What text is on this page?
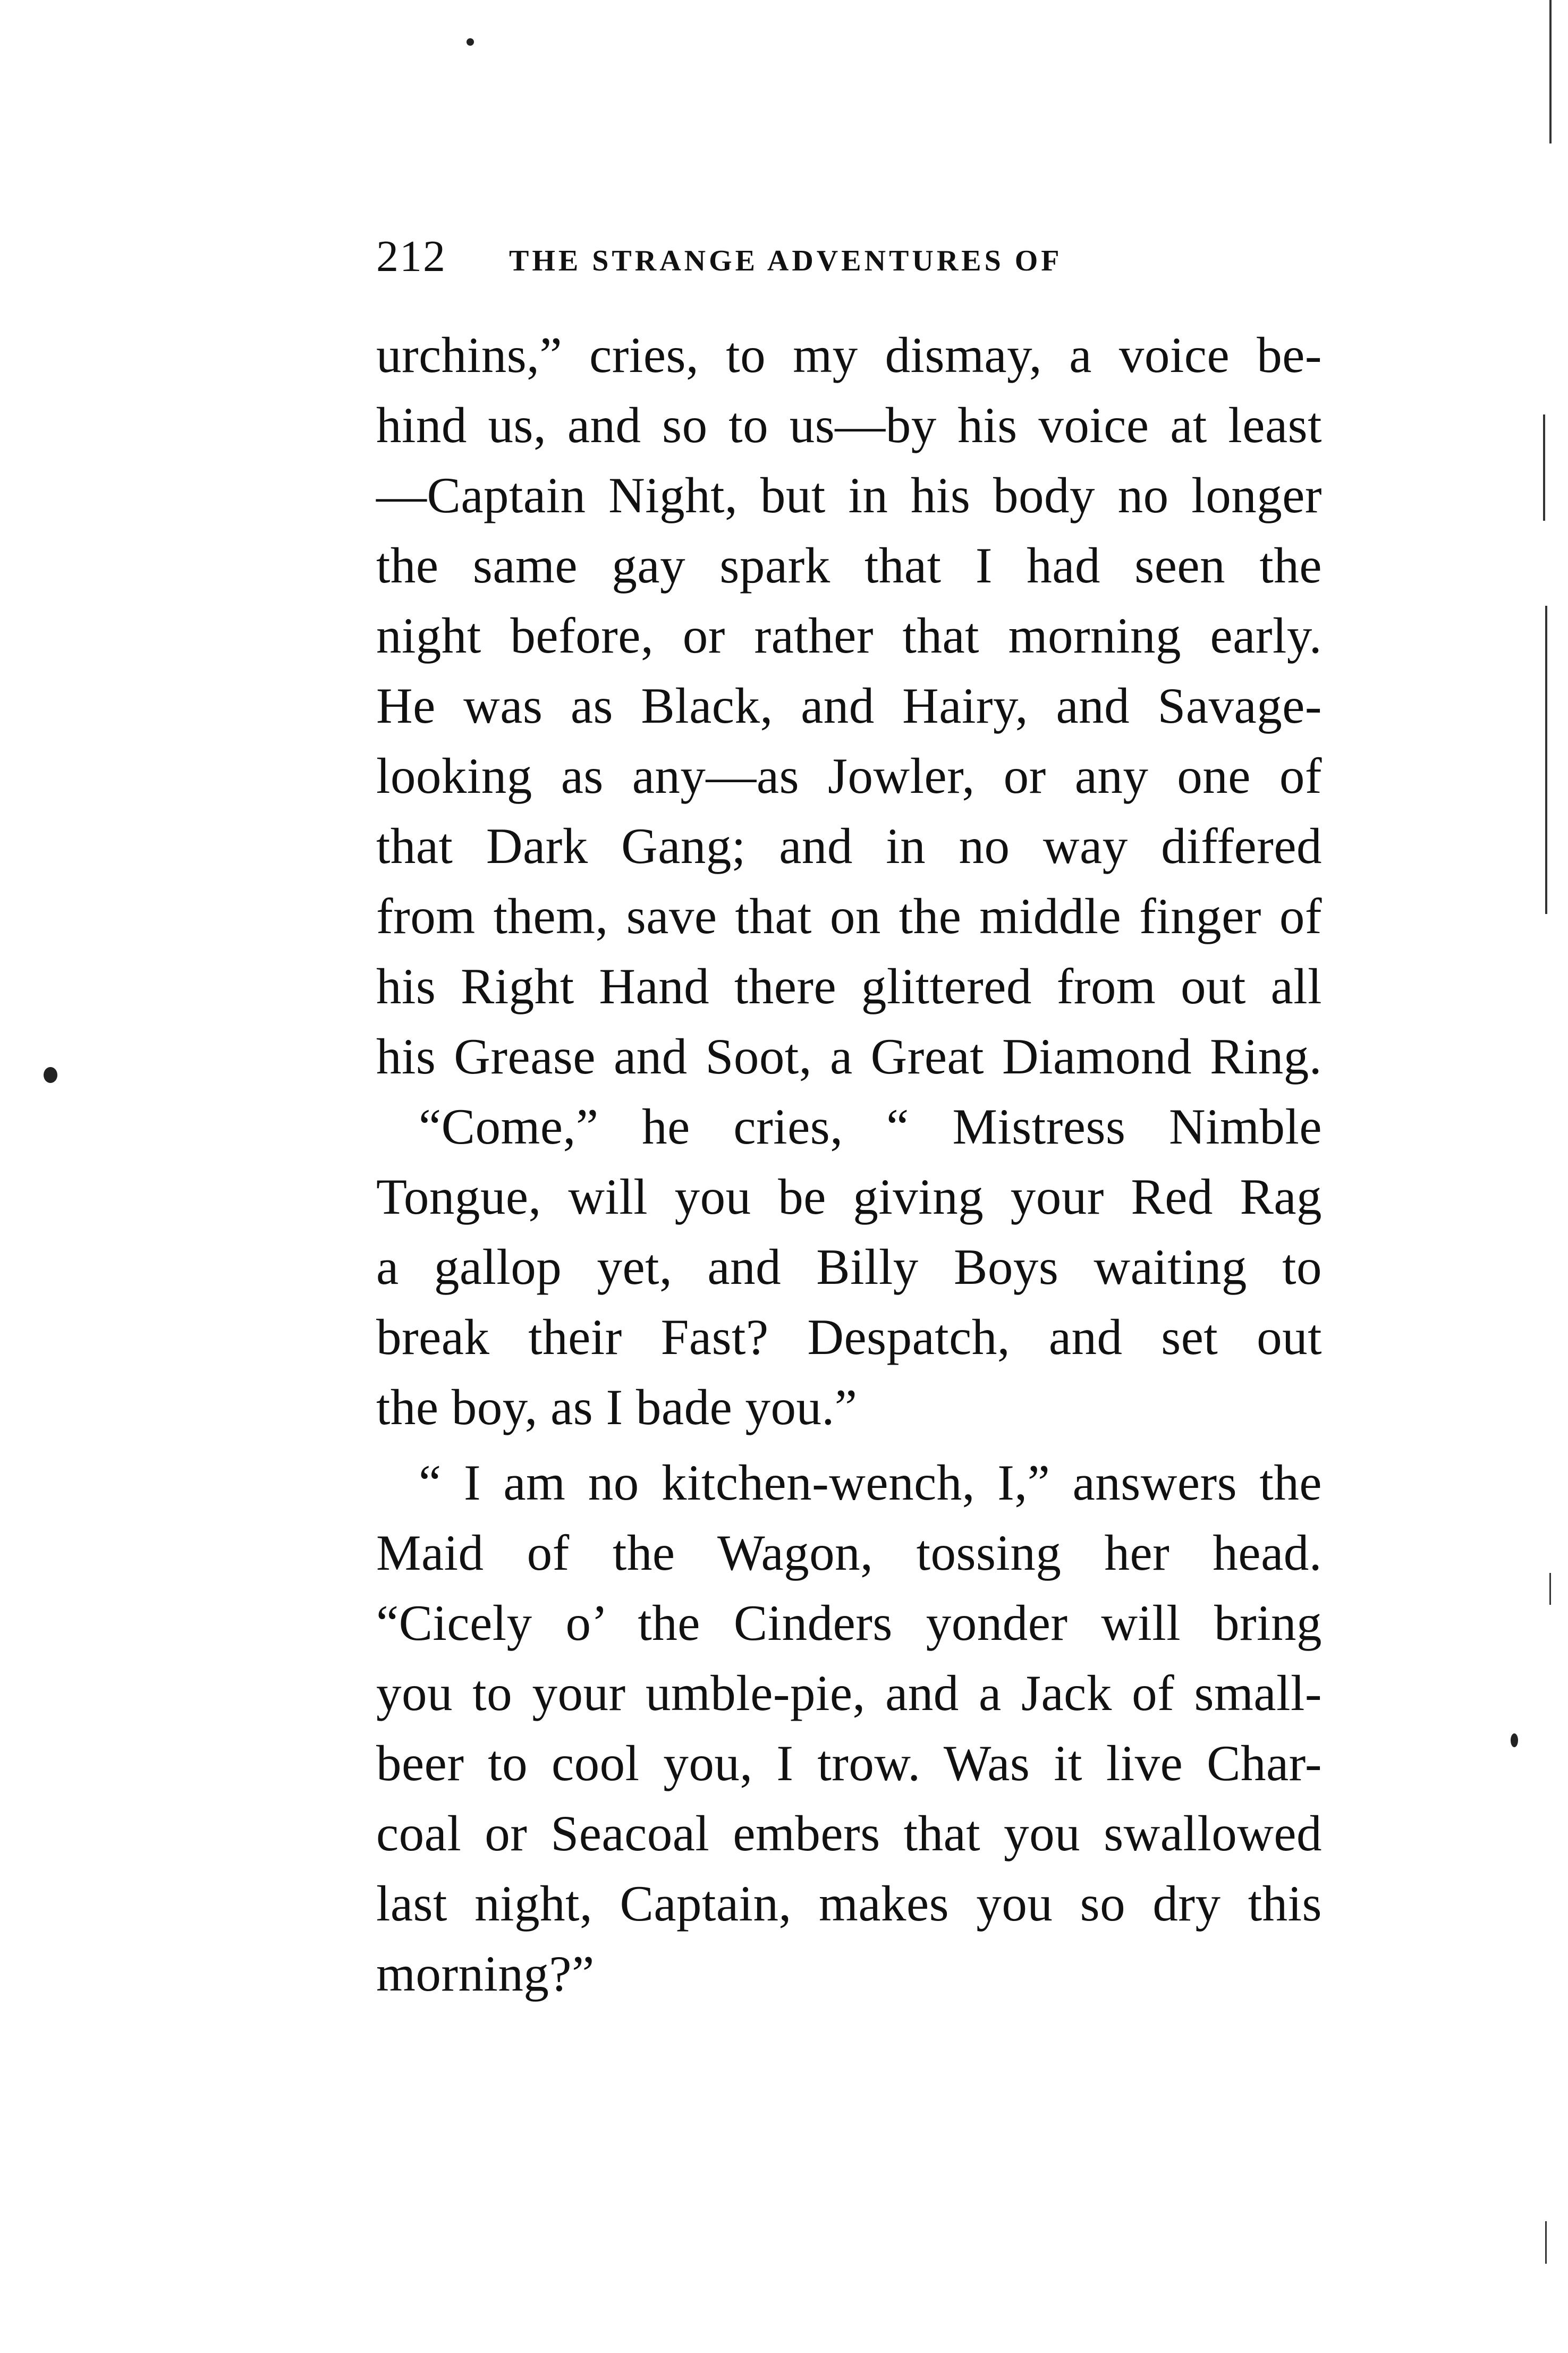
212 THE STRANGE ADVENTURES OF
urchins,” cries, to my dismay, a voice be-
hind us, and so to us—by his voice at least
—Captain Night, but in his body no longer
the same gay spark that I had seen the
night before, or rather that morning early.
He was as Black, and Hairy, and Savage-
looking as any—as Jowler, or any one of
that Dark Gang; and in no way differed
from them, save that on the middle finger of
his Right Hand there glittered from out all
his Grease and Soot, a Great Diamond Ring.
“Come,” he cries, “ Mistress Nimble
Tongue, will you be giving your Red Rag
a gallop yet, and Billy Boys waiting to
break their Fast? Despatch, and set out
the boy, as I bade you.”
“ I am no kitchen-wench, I,” answers the
Maid of the Wagon, tossing her head.
“Cicely o’ the Cinders yonder will bring
you to your umble-pie, and a Jack of small-
beer to cool you, I trow. Was it live Char-
coal or Seacoal embers that you swallowed
last night, Captain, makes you so dry this
morning?”
